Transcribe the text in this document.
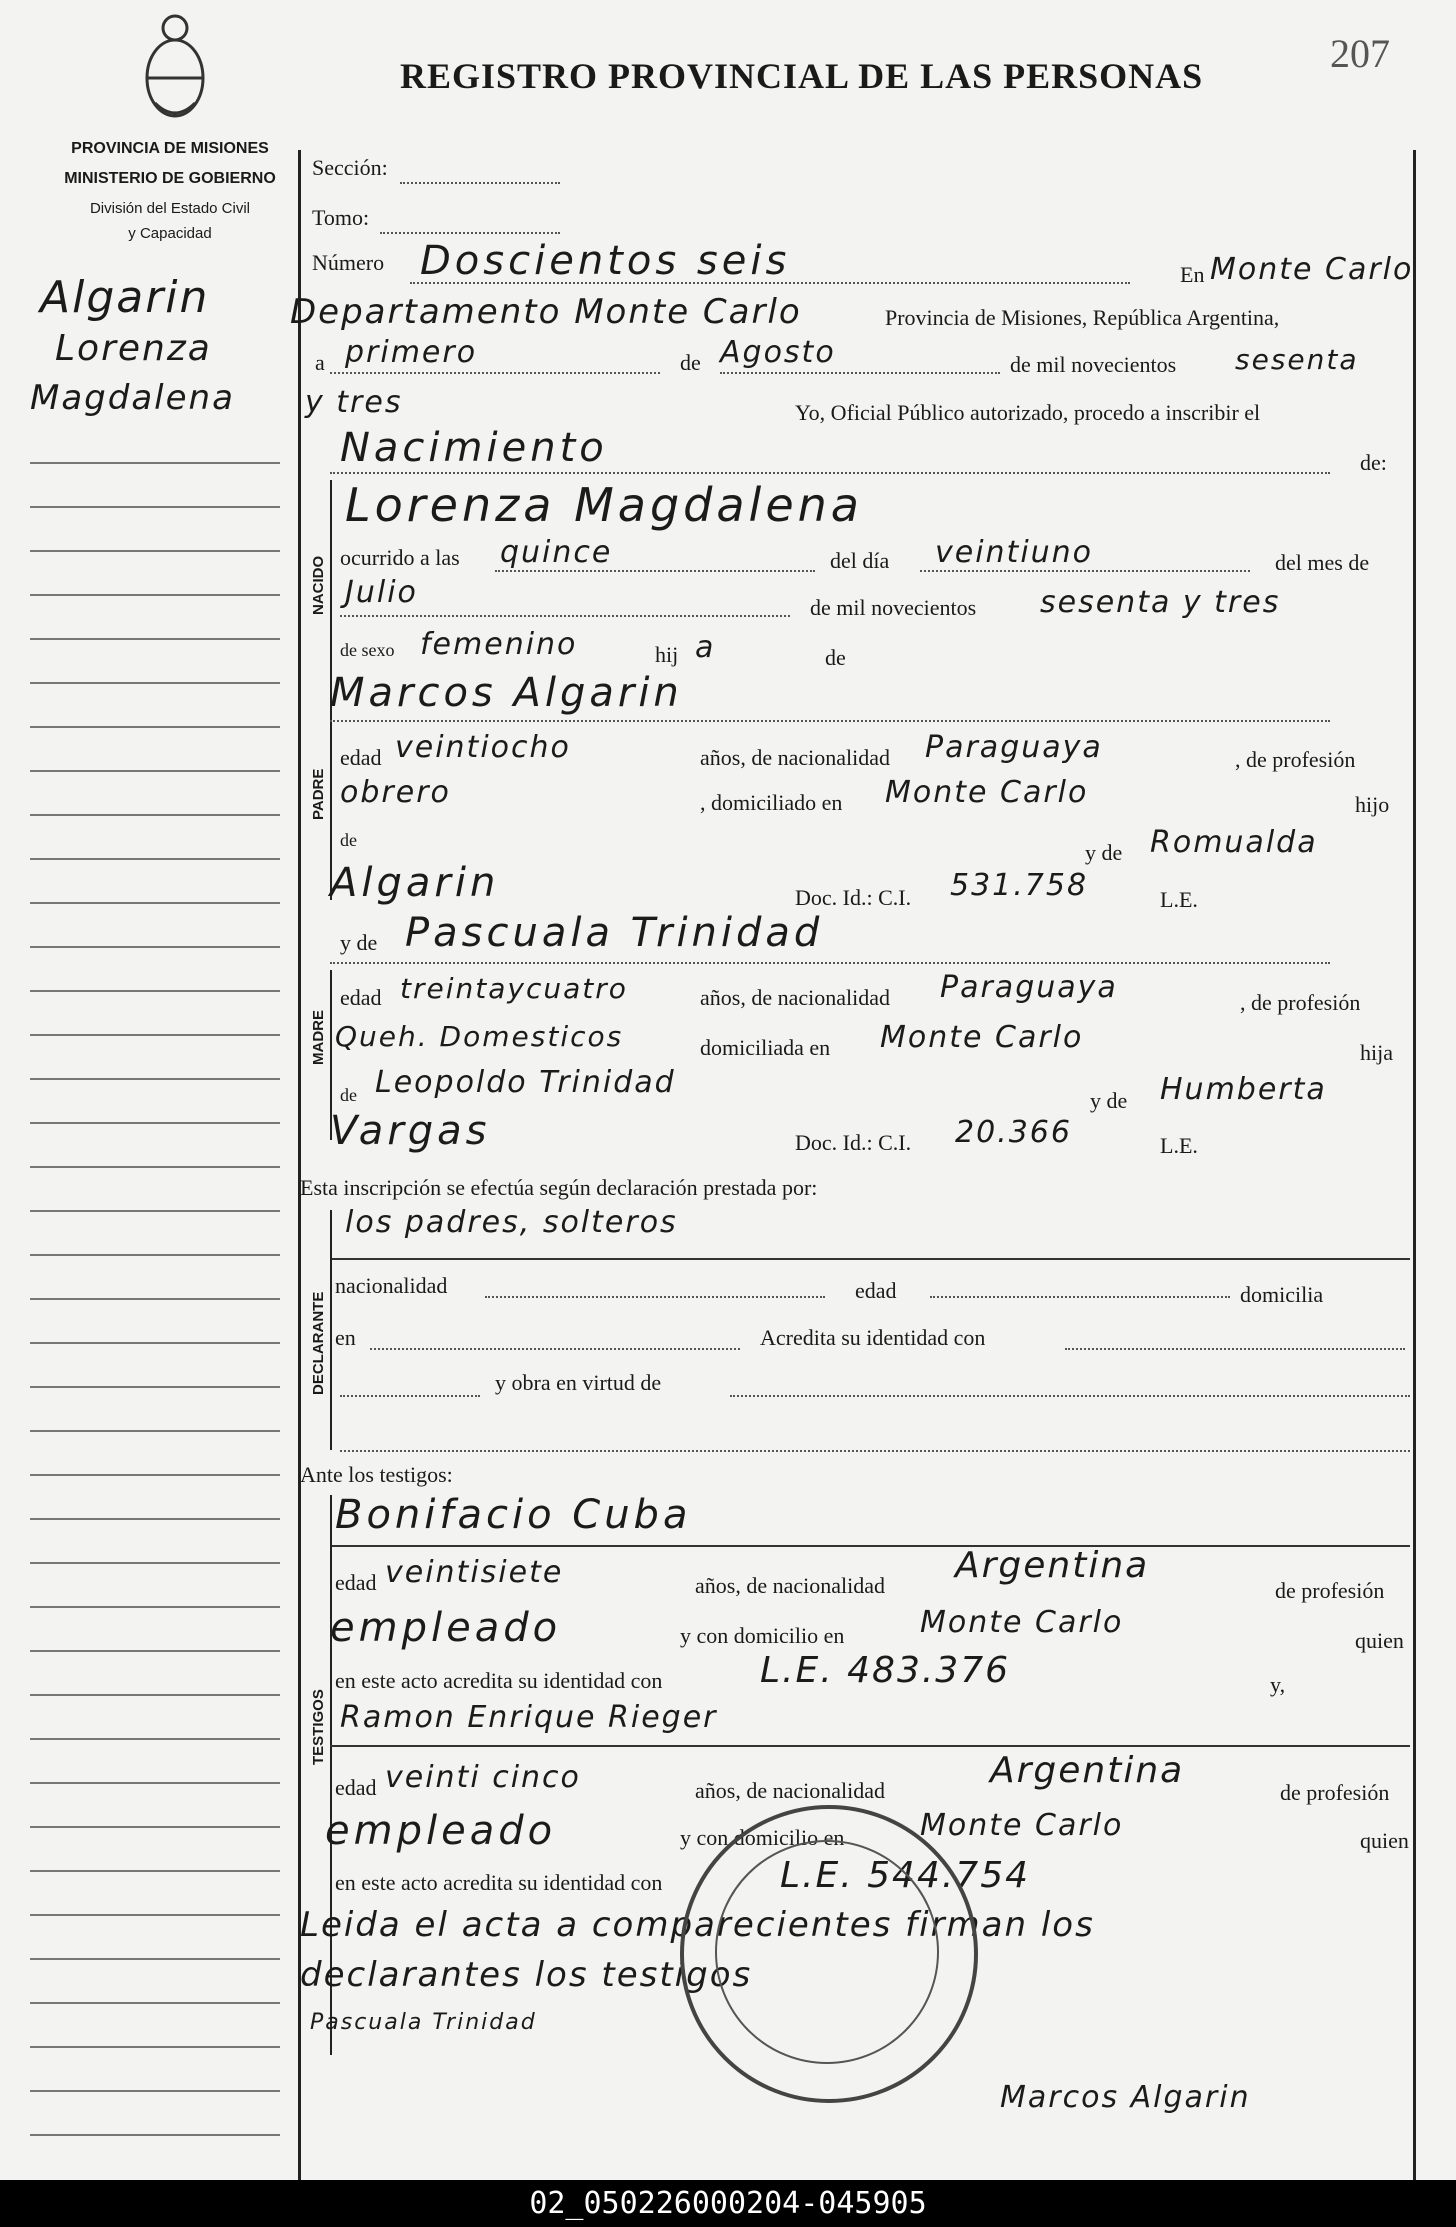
REGISTRO PROVINCIAL DE LAS PERSONAS	207
PROVINCIA DE MISIONES
MINISTERIO DE GOBIERNO
División del Estado Civil
y Capacidad
Algarin
Lorenza
Magdalena
Sección:
Tomo:
Número Doscientos seis	En Monte Carlo
Departamento Monte Carlo	Provincia de Misiones, República Argentina,
a primero	de Agosto	de mil novecientos sesenta
y tres	Yo, Oficial Público autorizado, procedo a inscribir el
Nacimiento	de:
NACIDO
Lorenza Magdalena
ocurrido a las quince	del día veintiuno	del mes de
Julio	de mil novecientos sesenta y tres
de sexo femenino	hij a	de
Marcos Algarin
PADRE
edad veintiocho	años, de nacionalidad Paraguaya	, de profesión
obrero	, domiciliado en Monte Carlo	hijo
de	y de Romualda
Algarin	Doc. Id.: C.I. 531.758	L.E.
y de Pascuala Trinidad
MADRE
edad treintaycuatro	años, de nacionalidad Paraguaya	, de profesión
Queh. Domesticos	domiciliada en Monte Carlo	hija
de Leopoldo Trinidad
y de Humberta
Vargas	Doc. Id.: C.I. 20.366	L.E.
Esta inscripción se efectúa según declaración prestada por:
los padres, solteros
DECLARANTE
nacionalidad	edad	domicilia
en	Acredita su identidad con
y obra en virtud de
Ante los testigos:
Bonifacio Cuba
TESTIGOS
edad veintisiete	años, de nacionalidad Argentina
de profesión
empleado	y con domicilio en	Monte Carlo
quien
en este acto acredita su identidad con	L.E. 483.376	y,
Ramon Enrique Rieger
edad veinti cinco	años, de nacionalidad	Argentina
de profesión
empleado	y con domicilio en	Monte Carlo	quien
en este acto acredita su identidad con	L.E. 544.754
Leida el acta a comparecientes firman los
declarantes los testigos
Pascuala Trinidad
Marcos Algarin
02_050226000204-045905
